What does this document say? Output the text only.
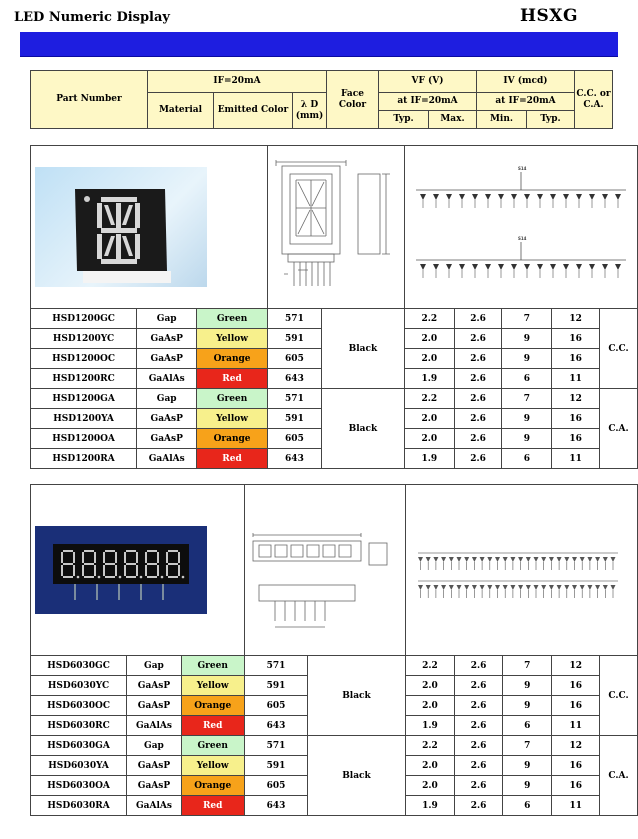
LED Numeric Display	HSXG
Part Number	IF=20mA			Face Color	VF (V)		IV (mcd)		C.C. or C.A.
	Material	Emitted Color	λ D (mm)		at IF=20mA		at IF=20mA		
					Typ.	Max.	Min.	Typ.	

S14
S14				

HSD1200GC	Gap	Green	571	Black	2.2	2.6	7	12	C.C.
HSD1200YC	GaAsP	Yellow	591		2.0	2.6	9	16	
HSD1200OC	GaAsP	Orange	605		2.0	2.6	9	16	
HSD1200RC	GaAlAs	Red	643		1.9	2.6	6	11	
HSD1200GA	Gap	Green	571	Black	2.2	2.6	7	12	C.A.
HSD1200YA	GaAsP	Yellow	591		2.0	2.6	9	16	
HSD1200OA	GaAsP	Orange	605		2.0	2.6	9	16	
HSD1200RA	GaAlAs	Red	643		1.9	2.6	6	11	

HSD6030GC	Gap	Green	571	Black	2.2	2.6	7	12	C.C.
HSD6030YC	GaAsP	Yellow	591		2.0	2.6	9	16	
HSD6030OC	GaAsP	Orange	605		2.0	2.6	9	16	
HSD6030RC	GaAlAs	Red	643		1.9	2.6	6	11	
HSD6030GA	Gap	Green	571	Black	2.2	2.6	7	12	C.A.
HSD6030YA	GaAsP	Yellow	591		2.0	2.6	9	16	
HSD6030OA	GaAsP	Orange	605		2.0	2.6	9	16	
HSD6030RA	GaAlAs	Red	643		1.9	2.6	6	11	
